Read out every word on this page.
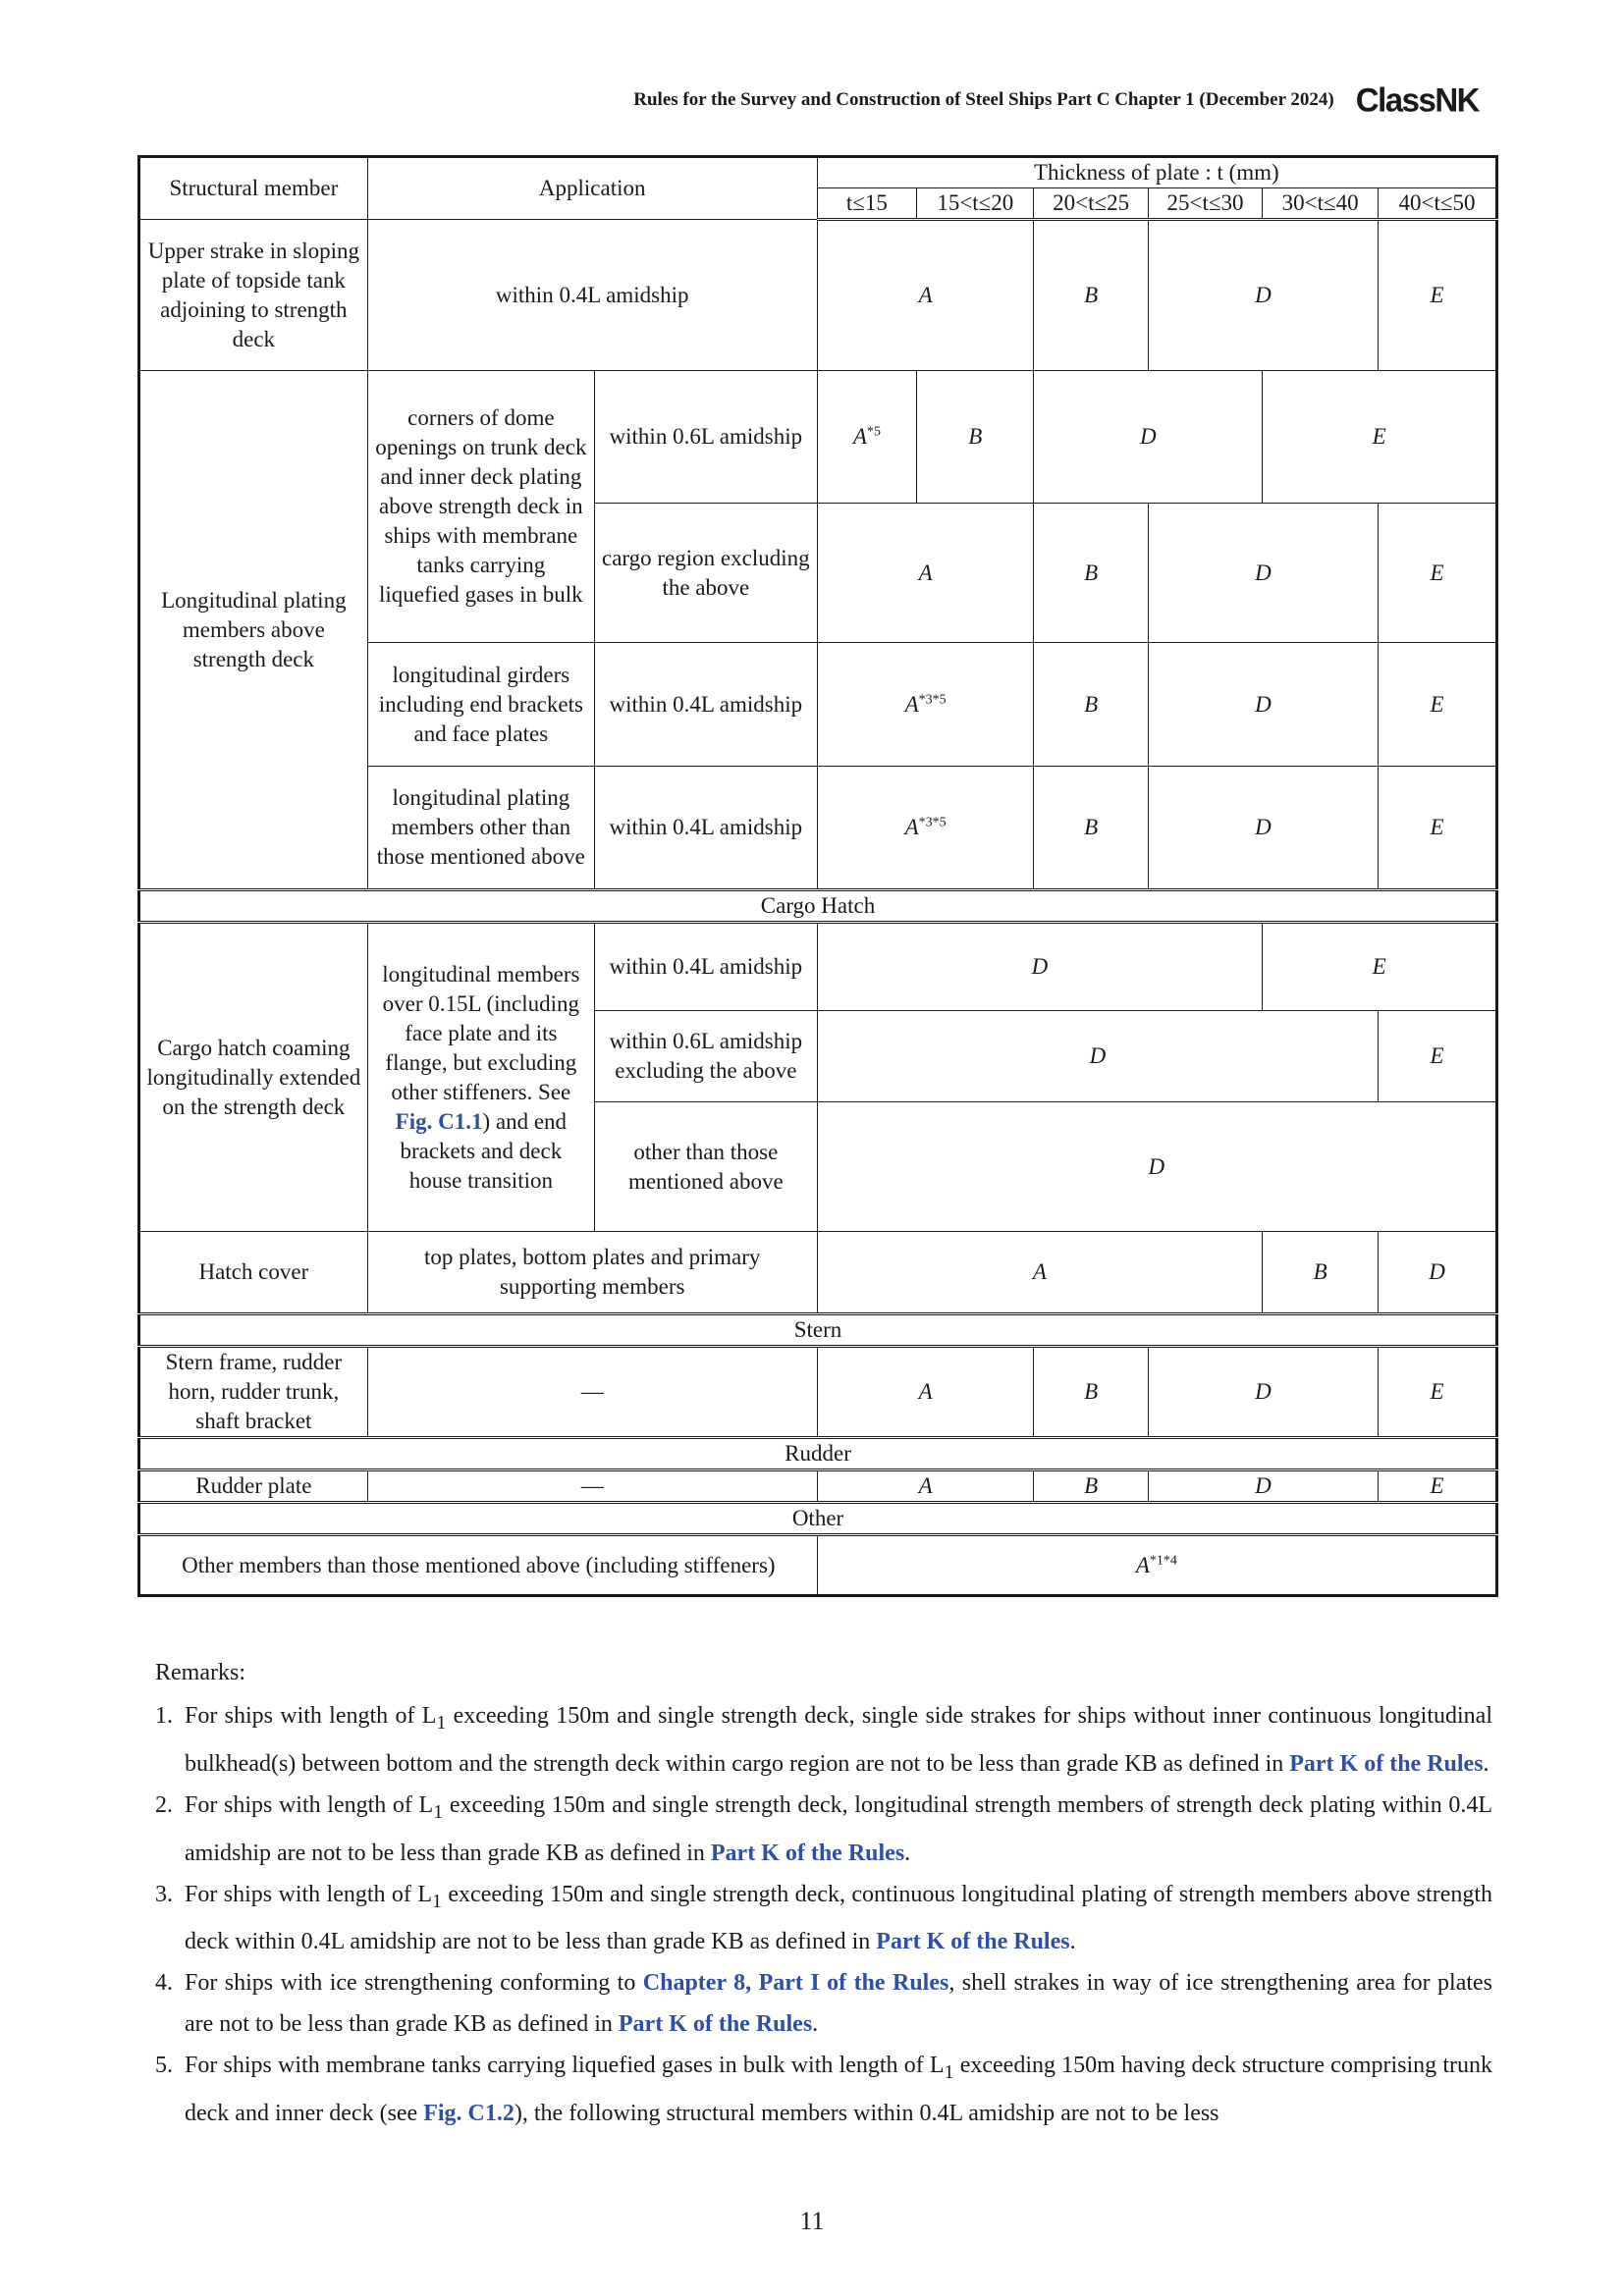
Rules for the Survey and Construction of Steel Ships Part C Chapter 1 (December 2024) ClassNK
Structural member	Application		Thickness of plate : t (mm)					
			t≤15	15<t≤20	20<t≤25	25<t≤30	30<t≤40	40<t≤50
Upper strake in sloping plate of topside tank adjoining to strength deck	within 0.4L amidship		A		B	D		E
Longitudinal plating members above strength deck	corners of dome openings on trunk deck and inner deck plating above strength deck in ships with membrane tanks carrying liquefied gases in bulk	within 0.6L amidship	$A^{*5}$	B	D		E	
		cargo region excluding the above	A		B	D		E
	longitudinal girders including end brackets and face plates	within 0.4L amidship	$A^{*3*5}$		B	D		E
	longitudinal plating members other than those mentioned above	within 0.4L amidship	$A^{*3*5}$		B	D		E
Cargo Hatch								
Cargo hatch coaming longitudinally extended on the strength deck	longitudinal members over 0.15L (including face plate and its flange, but excluding other stiffeners. See Fig. C1.1) and end brackets and deck house transition	within 0.4L amidship	D				E	
		within 0.6L amidship excluding the above	D					E
		other than those mentioned above	D					
Hatch cover	top plates, bottom plates and primary supporting members		A				B	D
Stern								
Stern frame, rudder horn, rudder trunk, shaft bracket	—		A		B	D		E
Rudder								
Rudder plate	—		A		B	D		E
Other								
Other members than those mentioned above (including stiffeners)			$A^{*1*4}$
Remarks:
1. For ships with length of $L_1$ exceeding 150m and single strength deck, single side strakes for ships without inner continuous longitudinal bulkhead(s) between bottom and the strength deck within cargo region are not to be less than grade KB as defined in Part K of the Rules.
2. For ships with length of $L_1$ exceeding 150m and single strength deck, longitudinal strength members of strength deck plating within 0.4L amidship are not to be less than grade KB as defined in Part K of the Rules.
3. For ships with length of $L_1$ exceeding 150m and single strength deck, continuous longitudinal plating of strength members above strength deck within 0.4L amidship are not to be less than grade KB as defined in Part K of the Rules.
4. For ships with ice strengthening conforming to Chapter 8, Part I of the Rules, shell strakes in way of ice strengthening area for plates are not to be less than grade KB as defined in Part K of the Rules.
5. For ships with membrane tanks carrying liquefied gases in bulk with length of $L_1$ exceeding 150m having deck structure comprising trunk deck and inner deck (see Fig. C1.2), the following structural members within 0.4L amidship are not to be less
11
